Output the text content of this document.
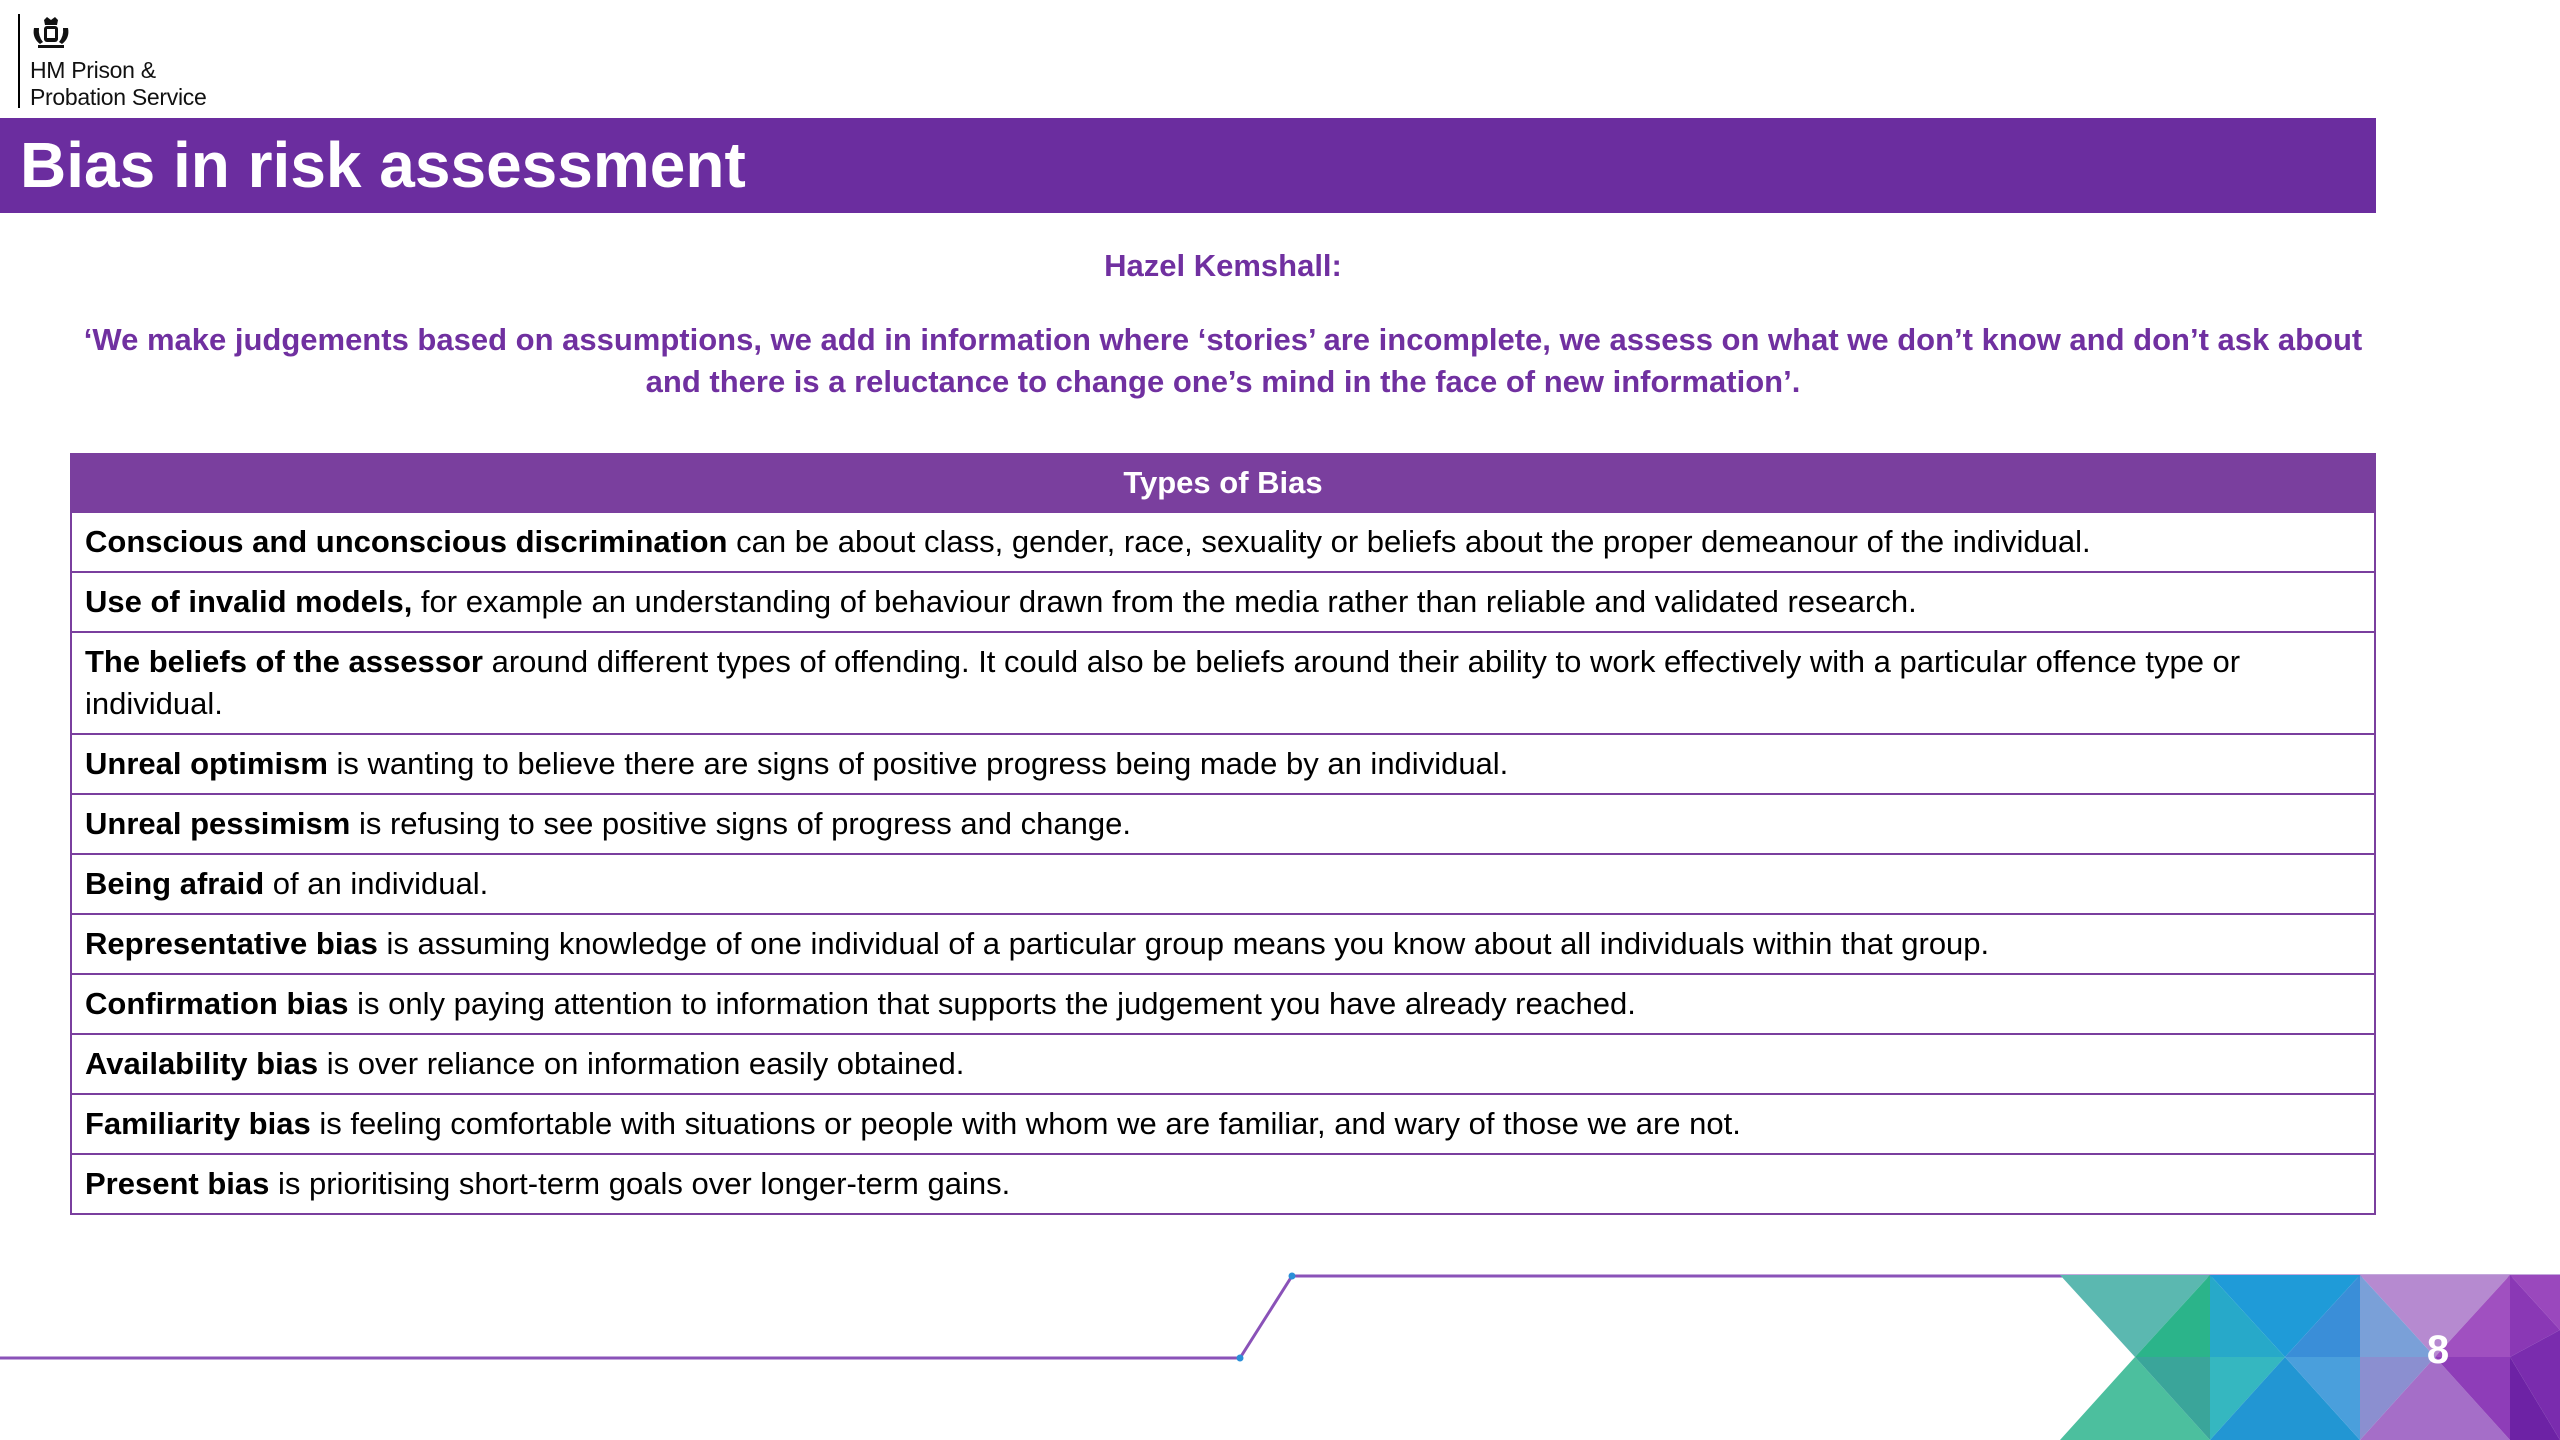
HM Prison &
Probation Service
Bias in risk assessment
Hazel Kemshall:
‘We make judgements based on assumptions, we add in information where ‘stories’ are incomplete, we assess on what we don’t know and don’t ask about and there is a reluctance to change one’s mind in the face of new information’.
Types of Bias
Conscious and unconscious discrimination can be about class, gender, race, sexuality or beliefs about the proper demeanour of the individual.
Use of invalid models, for example an understanding of behaviour drawn from the media rather than reliable and validated research.
The beliefs of the assessor around different types of offending. It could also be beliefs around their ability to work effectively with a particular offence type or individual.
Unreal optimism is wanting to believe there are signs of positive progress being made by an individual.
Unreal pessimism is refusing to see positive signs of progress and change.
Being afraid of an individual.
Representative bias is assuming knowledge of one individual of a particular group means you know about all individuals within that group.
Confirmation bias is only paying attention to information that supports the judgement you have already reached.
Availability bias is over reliance on information easily obtained.
Familiarity bias is feeling comfortable with situations or people with whom we are familiar, and wary of those we are not.
Present bias is prioritising short-term goals over longer-term gains.
8
